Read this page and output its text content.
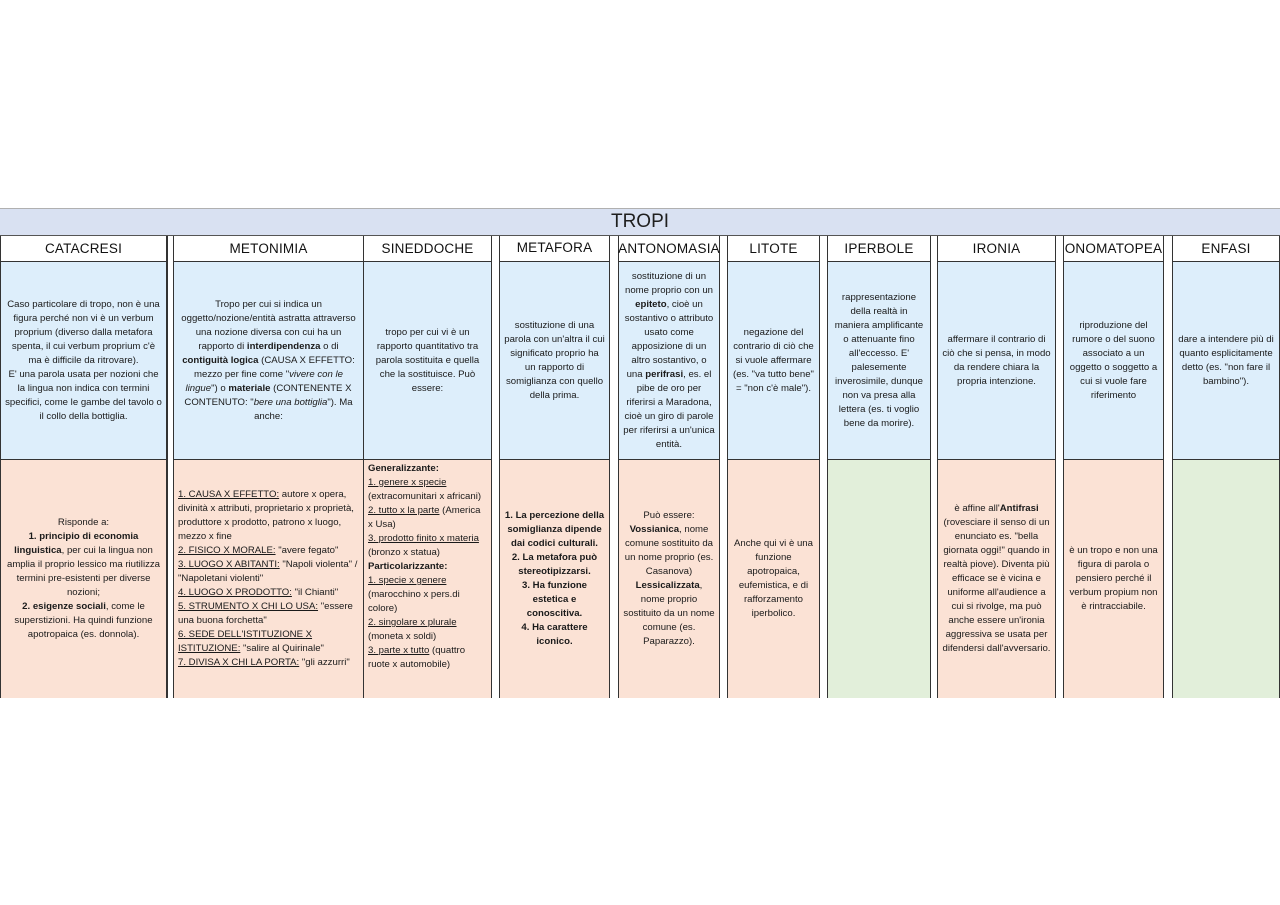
TROPI
CATACRESI
Caso particolare di tropo, non è una figura perché non vi è un verbum proprium (diverso dalla metafora spenta, il cui verbum proprium c'è ma è difficile da ritrovare).
E' una parola usata per nozioni che la lingua non indica con termini specifici, come le gambe del tavolo o il collo della bottiglia.
Risponde a:
1. principio di economia linguistica, per cui la lingua non amplia il proprio lessico ma riutilizza termini pre-esistenti per diverse nozioni;
2. esigenze sociali, come le superstizioni. Ha quindi funzione apotropaica (es. donnola).
METONIMIA
Tropo per cui si indica un oggetto/nozione/entità astratta attraverso una nozione diversa con cui ha un rapporto di interdipendenza o di contiguità logica (CAUSA X EFFETTO: mezzo per fine come "vivere con le lingue") o materiale (CONTENENTE X CONTENUTO: "bere una bottiglia"). Ma anche:
1. CAUSA X EFFETTO: autore x opera, divinità x attributi, proprietario x proprietà, produttore x prodotto, patrono x luogo, mezzo x fine
2. FISICO X MORALE: "avere fegato"
3. LUOGO X ABITANTI: "Napoli violenta" / "Napoletani violenti"
4. LUOGO X PRODOTTO: "il Chianti"
5. STRUMENTO X CHI LO USA: "essere una buona forchetta"
6. SEDE DELL'ISTITUZIONE X ISTITUZIONE: "salire al Quirinale"
7. DIVISA X CHI LA PORTA: "gli azzurri"
SINEDDOCHE
tropo per cui vi è un rapporto quantitativo tra parola sostituita e quella che la sostituisce. Può essere:
Generalizzante:
1. genere x specie (extracomunitari x africani)
2. tutto x la parte (America x Usa)
3. prodotto finito x materia (bronzo x statua)
Particolarizzante:
1. specie x genere (marocchino x pers.di colore)
2. singolare x plurale (moneta x soldi)
3. parte x tutto (quattro ruote x automobile)
METAFORA
sostituzione di una parola con un'altra il cui significato proprio ha un rapporto di somiglianza con quello della prima.
1. La percezione della somiglianza dipende dai codici culturali.
2. La metafora può stereotipizzarsi.
3. Ha funzione estetica e conoscitiva.
4. Ha carattere iconico.
ANTONOMASIA
sostituzione di un nome proprio con un epiteto, cioè un sostantivo o attributo usato come apposizione di un altro sostantivo, o una perifrasi, es. el pibe de oro per riferirsi a Maradona, cioè un giro di parole per riferirsi a un'unica entità.
Può essere:
Vossianica, nome comune sostituito da un nome proprio (es. Casanova)
Lessicalizzata, nome proprio sostituito da un nome comune (es. Paparazzo).
LITOTE
negazione del contrario di ciò che si vuole affermare (es. "va tutto bene" = "non c'è male").
Anche qui vi è una funzione apotropaica, eufemistica, e di rafforzamento iperbolico.
IPERBOLE
rappresentazione della realtà in maniera amplificante o attenuante fino all'eccesso. E' palesemente inverosimile, dunque non va presa alla lettera (es. ti voglio bene da morire).
IRONIA
affermare il contrario di ciò che si pensa, in modo da rendere chiara la propria intenzione.
è affine all'Antifrasi (rovesciare il senso di un enunciato es. "bella giornata oggi!" quando in realtà piove). Diventa più efficace se è vicina e uniforme all'audience a cui si rivolge, ma può anche essere un'ironia aggressiva se usata per difendersi dall'avversario.
ONOMATOPEA
riproduzione del rumore o del suono associato a un oggetto o soggetto a cui si vuole fare riferimento
è un tropo e non una figura di parola o pensiero perché il verbum propium non è rintracciabile.
ENFASI
dare a intendere più di quanto esplicitamente detto (es. "non fare il bambino").
